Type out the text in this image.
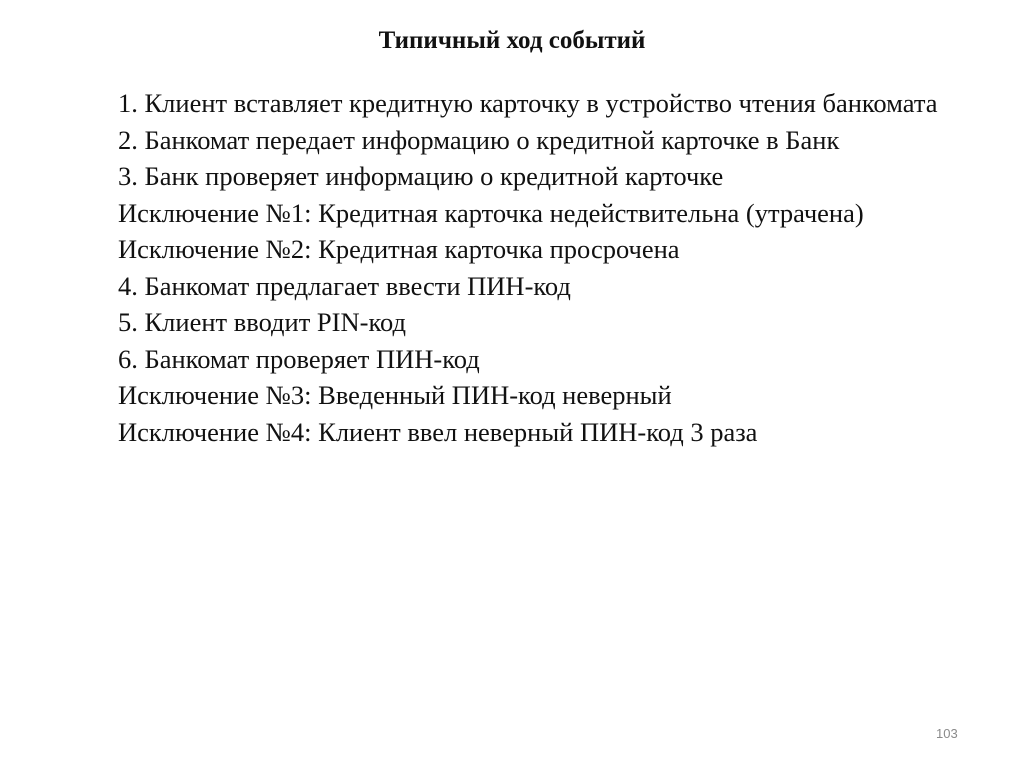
Типичный ход событий

1. Клиент вставляет кредитную карточку в устройство чтения банкомата

2. Банкомат передает информацию о кредитной карточке в Банк

3. Банк проверяет информацию о кредитной карточке

Исключение №1: Кредитная карточка недействительна (утрачена)

Исключение №2: Кредитная карточка просрочена

4. Банкомат предлагает ввести ПИН-код

5. Клиент вводит PIN-код

6. Банкомат проверяет ПИН-код

Исключение №3: Введенный ПИН-код неверный

Исключение №4: Клиент ввел неверный ПИН-код 3 раза

103
